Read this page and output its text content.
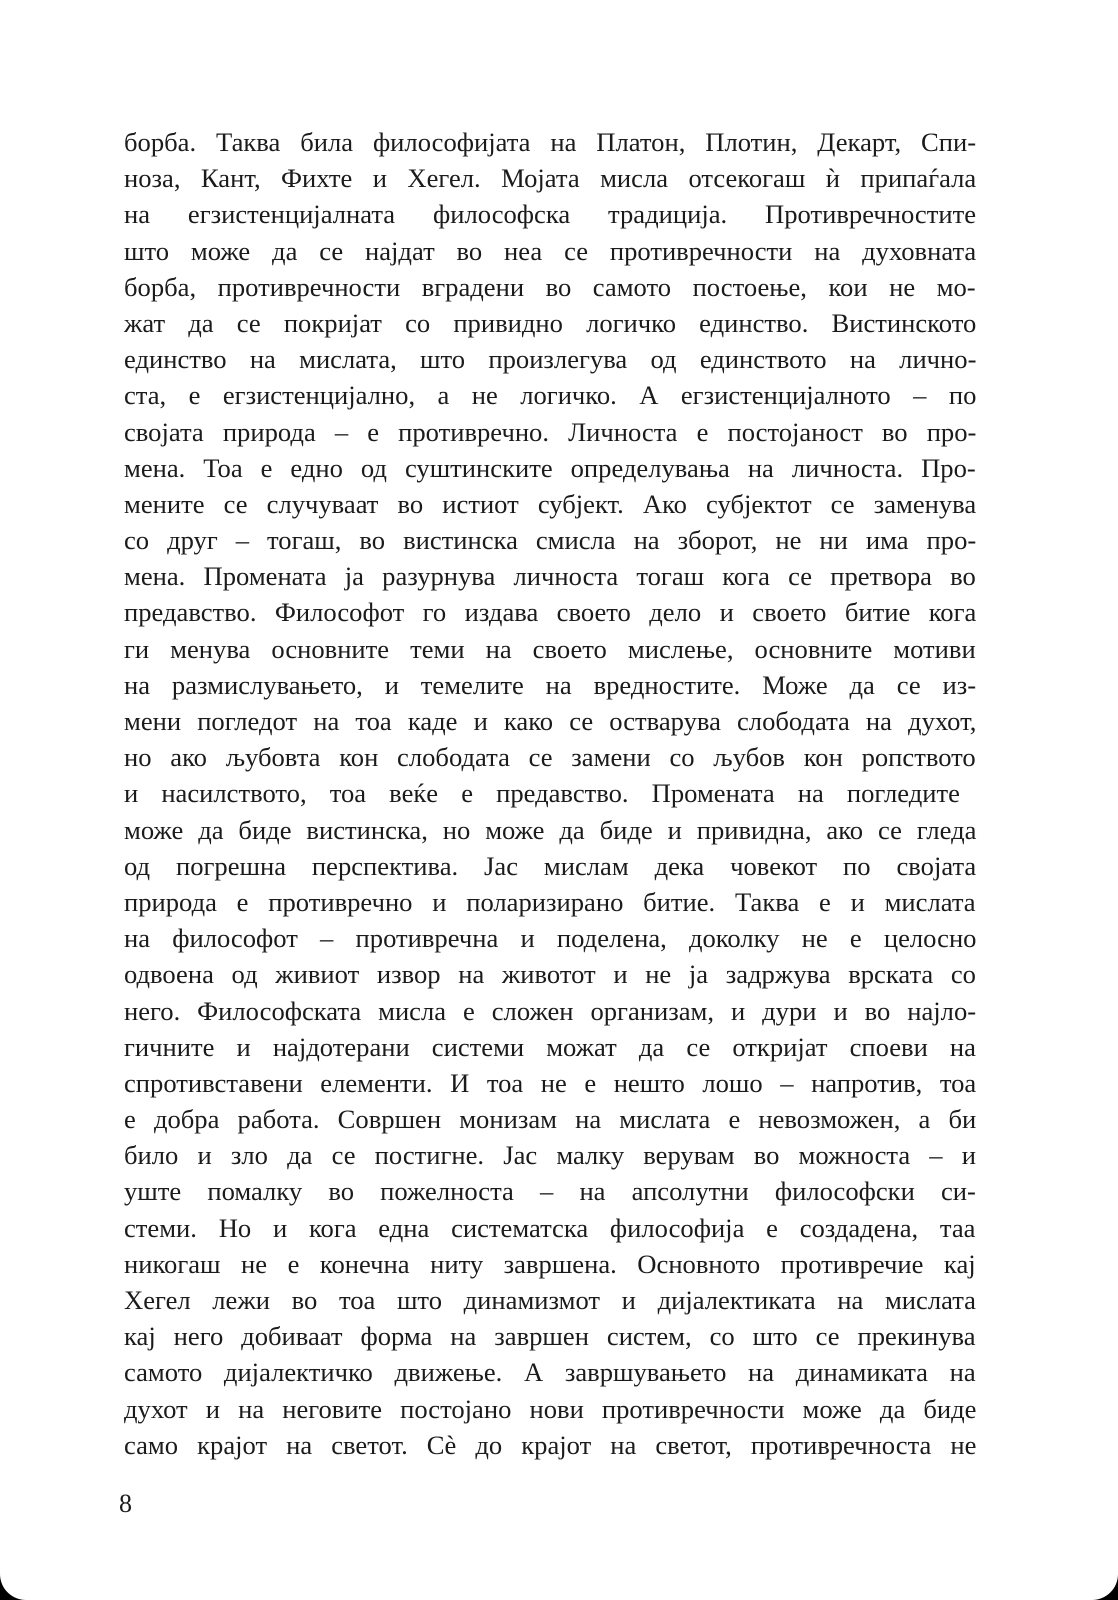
борба. Таква била философијата на Платон, Плотин, Декарт, Спи-
ноза, Кант, Фихте и Хегел. Мојата мисла отсекогаш ѝ припаѓала
на егзистенцијалната философска традиција. Противречностите
што може да се најдат во неа се противречности на духовната
борба, противречности вградени во самото постоење, кои не мо-
жат да се покријат со привидно логичко единство. Вистинското
единство на мислата, што произлегува од единството на лично-
ста, е егзистенцијално, а не логичко. А егзистенцијалното – по
својата природа – е противречно. Личноста е постојаност во про-
мена. Тоа е едно од суштинските определувања на личноста. Про-
мените се случуваат во истиот субјект. Ако субјектот се заменува
со друг – тогаш, во вистинска смисла на зборот, не ни има про-
мена. Промената ја разурнува личноста тогаш кога се претвора во
предавство. Философот го издава своето дело и своето битие кога
ги менува основните теми на своето мислење, основните мотиви
на размислувањето, и темелите на вредностите. Може да се из-
мени погледот на тоа каде и како се остварува слободата на духот,
но ако љубовта кон слободата се замени со љубов кон ропството
и насилството, тоа веќе е предавство. Промената на погледите
може да биде вистинска, но може да биде и привидна, ако се гледа
од погрешна перспектива. Јас мислам дека човекот по својата
природа е противречно и поларизирано битие. Таква е и мислата
на философот – противречна и поделена, доколку не е целосно
одвоена од живиот извор на животот и не ја задржува врската со
него. Философската мисла е сложен организам, и дури и во најло-
гичните и најдотерани системи можат да се откријат споеви на
спротивставени елементи. И тоа не е нешто лошо – напротив, тоа
е добра работа. Совршен монизам на мислата е невозможен, а би
било и зло да се постигне. Јас малку верувам во можноста – и
уште помалку во пожелноста – на апсолутни философски си-
стеми. Но и кога една систематска философија е создадена, таа
никогаш не е конечна ниту завршена. Основното противречие кај
Хегел лежи во тоа што динамизмот и дијалектиката на мислата
кај него добиваат форма на завршен систем, со што се прекинува
самото дијалектичко движење. А завршувањето на динамиката на
духот и на неговите постојано нови противречности може да биде
само крајот на светот. Сѐ до крајот на светот, противречноста не
8
